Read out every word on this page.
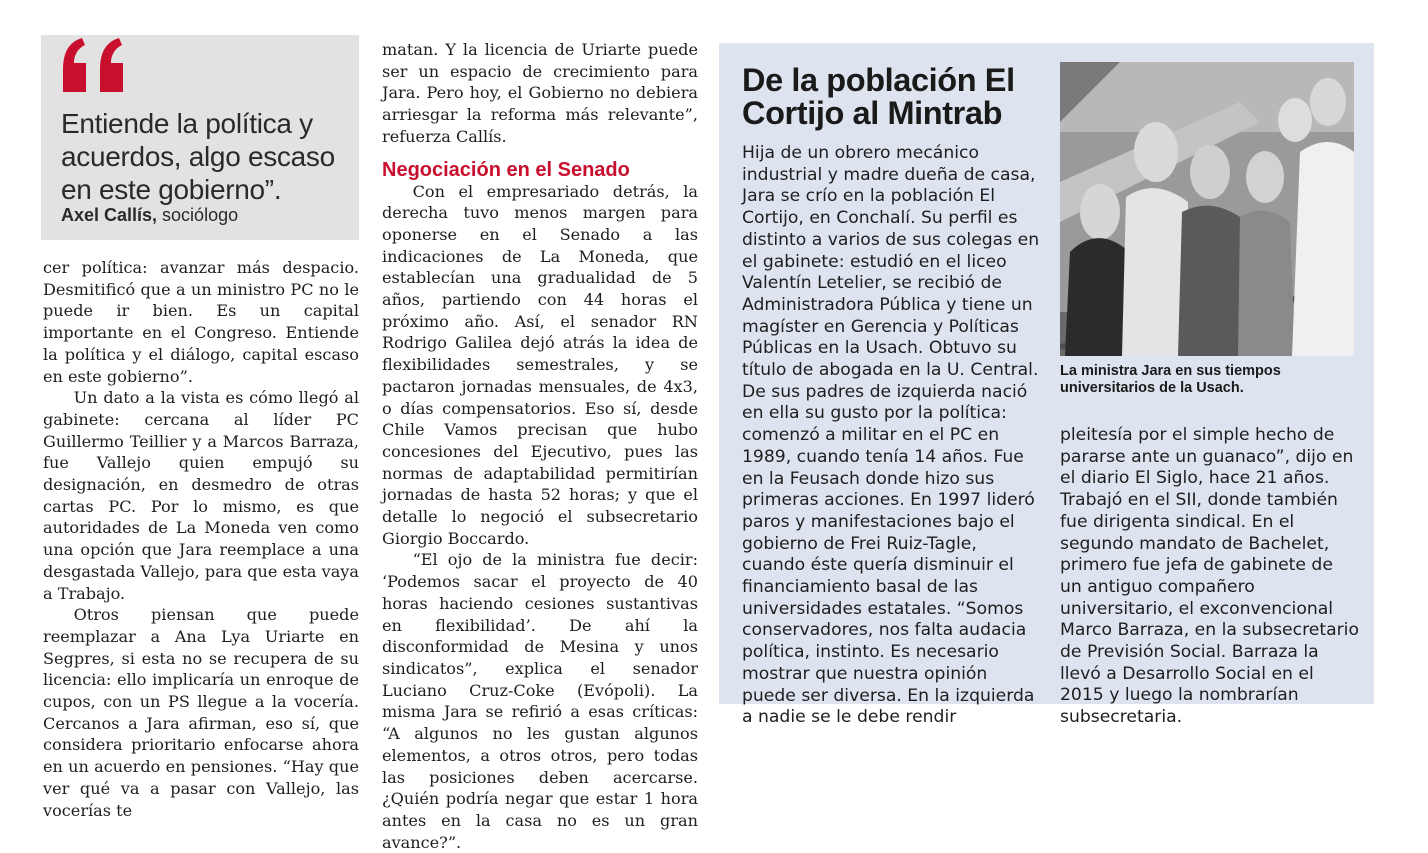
Entiende la política y acuerdos, algo escaso en este gobierno”.
Axel Callís, sociólogo

cer política: avanzar más despacio. Desmitificó que a un ministro PC no le puede ir bien. Es un capital importante en el Congreso. Entiende la política y el diálogo, capital escaso en este gobierno”.

Un dato a la vista es cómo llegó al gabinete: cercana al líder PC Guillermo Teillier y a Marcos Barraza, fue Vallejo quien empujó su designación, en desmedro de otras cartas PC. Por lo mismo, es que autoridades de La Moneda ven como una opción que Jara reemplace a una desgastada Vallejo, para que esta vaya a Trabajo.

Otros piensan que puede reemplazar a Ana Lya Uriarte en Segpres, si esta no se recupera de su licencia: ello implicaría un enroque de cupos, con un PS llegue a la vocería. Cercanos a Jara afirman, eso sí, que considera prioritario enfocarse ahora en un acuerdo en pensiones. “Hay que ver qué va a pasar con Vallejo, las vocerías te

matan. Y la licencia de Uriarte puede ser un espacio de crecimiento para Jara. Pero hoy, el Gobierno no debiera arriesgar la reforma más relevante”, refuerza Callís.

Negociación en el Senado

Con el empresariado detrás, la derecha tuvo menos margen para oponerse en el Senado a las indicaciones de La Moneda, que establecían una gradualidad de 5 años, partiendo con 44 horas el próximo año. Así, el senador RN Rodrigo Galilea dejó atrás la idea de flexibilidades semestrales, y se pactaron jornadas mensuales, de 4x3, o días compensatorios. Eso sí, desde Chile Vamos precisan que hubo concesiones del Ejecutivo, pues las normas de adaptabilidad permitirían jornadas de hasta 52 horas; y que el detalle lo negoció el subsecretario Giorgio Boccardo.

“El ojo de la ministra fue decir: ‘Podemos sacar el proyecto de 40 horas haciendo cesiones sustantivas en flexibilidad’. De ahí la disconformidad de Mesina y unos sindicatos”, explica el senador Luciano Cruz-Coke (Evópoli). La misma Jara se refirió a esas críticas: “A algunos no les gustan algunos elementos, a otros otros, pero todas las posiciones deben acercarse. ¿Quién podría negar que estar 1 hora antes en la casa no es un gran avance?”.

De la población El Cortijo al Mintrab

Hija de un obrero mecánico industrial y madre dueña de casa, Jara se crío en la población El Cortijo, en Conchalí. Su perfil es distinto a varios de sus colegas en el gabinete: estudió en el liceo Valentín Letelier, se recibió de Administradora Pública y tiene un magíster en Gerencia y Políticas Públicas en la Usach. Obtuvo su título de abogada en la U. Central. De sus padres de izquierda nació en ella su gusto por la política: comenzó a militar en el PC en 1989, cuando tenía 14 años. Fue en la Feusach donde hizo sus primeras acciones. En 1997 lideró paros y manifestaciones bajo el gobierno de Frei Ruiz-Tagle, cuando éste quería disminuir el financiamiento basal de las universidades estatales. “Somos conservadores, nos falta audacia política, instinto. Es necesario mostrar que nuestra opinión puede ser diversa. En la izquierda a nadie se le debe rendir

La ministra Jara en sus tiempos universitarios de la Usach.

pleitesía por el simple hecho de pararse ante un guanaco”, dijo en el diario El Siglo, hace 21 años. Trabajó en el SII, donde también fue dirigenta sindical. En el segundo mandato de Bachelet, primero fue jefa de gabinete de un antiguo compañero universitario, el exconvencional Marco Barraza, en la subsecretario de Previsión Social. Barraza la llevó a Desarrollo Social en el 2015 y luego la nombrarían subsecretaria.
